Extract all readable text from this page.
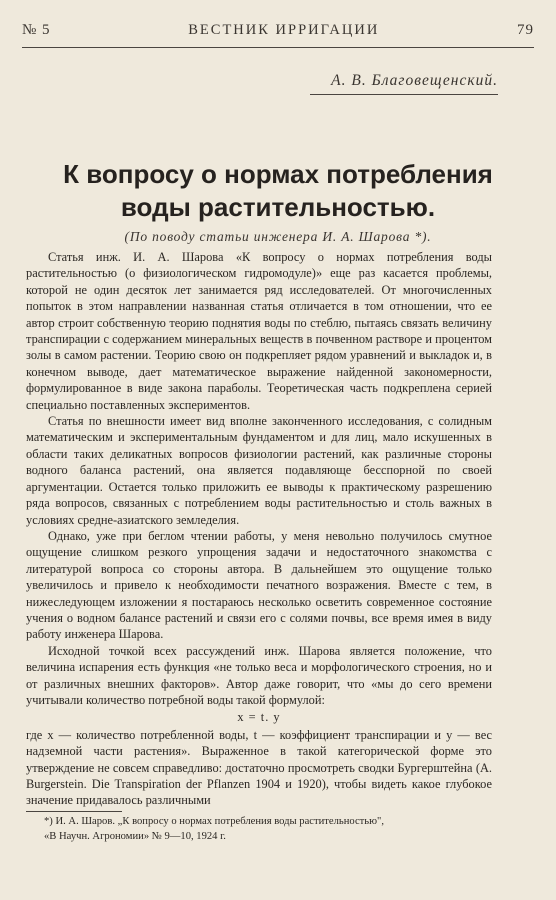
№ 5	ВЕСТНИК ИРРИГАЦИИ	79
А. В. Благовещенский.
К вопросу о нормах потребления
воды растительностью.
(По поводу статьи инженера И. А. Шарова *).

Статья инж. И. А. Шарова «К вопросу о нормах потребления воды растительностью (о физиологическом гидромодуле)» еще раз касается проблемы, которой не один десяток лет занимается ряд исследователей. От многочисленных попыток в этом направлении названная статья отличается в том отношении, что ее автор строит собственную теорию поднятия воды по стеблю, пытаясь связать величину транспирации с содержанием минеральных веществ в почвенном растворе и процентом золы в самом растении. Теорию свою он подкрепляет рядом уравнений и выкладок и, в конечном выводе, дает математическое выражение найденной закономерности, формулированное в виде закона параболы. Теоретическая часть подкреплена серией специально поставленных экспериментов.

Статья по внешности имеет вид вполне законченного исследования, с солидным математическим и экспериментальным фундаментом и для лиц, мало искушенных в области таких деликатных вопросов физиологии растений, как различные стороны водного баланса растений, она является подавляюще бесспорной по своей аргументации. Остается только приложить ее выводы к практическому разрешению ряда вопросов, связанных с потреблением воды растительностью и столь важных в условиях средне-азиатского земледелия.

Однако, уже при беглом чтении работы, у меня невольно получилось смутное ощущение слишком резкого упрощения задачи и недостаточного знакомства с литературой вопроса со стороны автора. В дальнейшем это ощущение только увеличилось и привело к необходимости печатного возражения. Вместе с тем, в нижеследующем изложении я постараюсь несколько осветить современное состояние учения о водном балансе растений и связи его с солями почвы, все время имея в виду работу инженера Шарова.

Исходной точкой всех рассуждений инж. Шарова является положение, что величина испарения есть функция «не только веса и морфологического строения, но и от различных внешних факторов». Автор даже говорит, что «мы до сего времени учитывали количество потребной воды такой формулой:

x = t. y

где x — количество потребленной воды, t — коэффициент транспирации и y — вес надземной части растения». Выраженное в такой категорической форме это утверждение не совсем справедливо: достаточно просмотреть сводки Бургерштейна (A. Burgerstein. Die Transpiration der Pflanzen 1904 и 1920), чтобы видеть какое глубокое значение придавалось различными

*) И. А. Шаров. „К вопросу о нормах потребления воды растительностью",
«В Научн. Агрономии» № 9—10, 1924 г.
